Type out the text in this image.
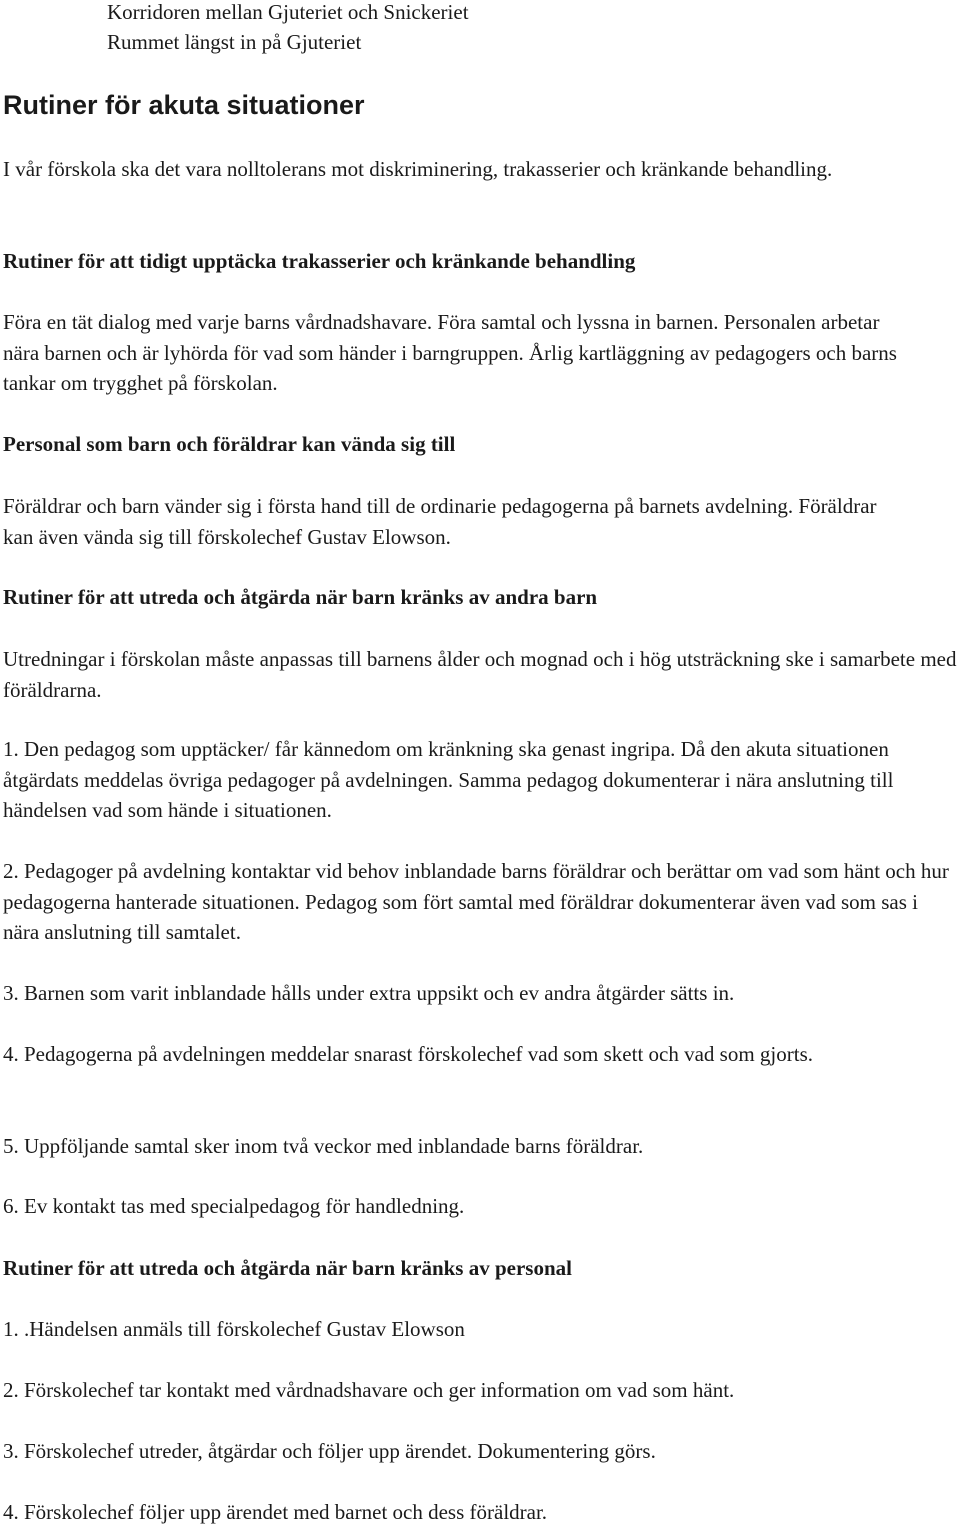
Korridoren mellan Gjuteriet och Snickeriet

Rummet längst in på Gjuteriet

Rutiner för akuta situationer

I vår förskola ska det vara nolltolerans mot diskriminering, trakasserier och kränkande behandling.

Rutiner för att tidigt upptäcka trakasserier och kränkande behandling

Föra en tät dialog med varje barns vårdnadshavare. Föra samtal och lyssna in barnen. Personalen arbetar nära barnen och är lyhörda för vad som händer i barngruppen. Årlig kartläggning av pedagogers och barns tankar om trygghet på förskolan.

Personal som barn och föräldrar kan vända sig till

Föräldrar och barn vänder sig i första hand till de ordinarie pedagogerna på barnets avdelning. Föräldrar kan även vända sig till förskolechef Gustav Elowson.

Rutiner för att utreda och åtgärda när barn kränks av andra barn

Utredningar i förskolan måste anpassas till barnens ålder och mognad och i hög utsträckning ske i samarbete med föräldrarna.

1. Den pedagog som upptäcker/ får kännedom om kränkning ska genast ingripa. Då den akuta situationen åtgärdats meddelas övriga pedagoger på avdelningen. Samma pedagog dokumenterar i nära anslutning till händelsen vad som hände i situationen.

2. Pedagoger på avdelning kontaktar vid behov inblandade barns föräldrar och berättar om vad som hänt och hur pedagogerna hanterade situationen. Pedagog som fört samtal med föräldrar dokumenterar även vad som sas i nära anslutning till samtalet.

3. Barnen som varit inblandade hålls under extra uppsikt och ev andra åtgärder sätts in.

4. Pedagogerna på avdelningen meddelar snarast förskolechef vad som skett och vad som gjorts.

5. Uppföljande samtal sker inom två veckor med inblandade barns föräldrar.

6. Ev kontakt tas med specialpedagog för handledning.

Rutiner för att utreda och åtgärda när barn kränks av personal

1. .Händelsen anmäls till förskolechef Gustav Elowson

2. Förskolechef tar kontakt med vårdnadshavare och ger information om vad som hänt.

3. Förskolechef utreder, åtgärdar och följer upp ärendet. Dokumentering görs.

4. Förskolechef följer upp ärendet med barnet och dess föräldrar.
